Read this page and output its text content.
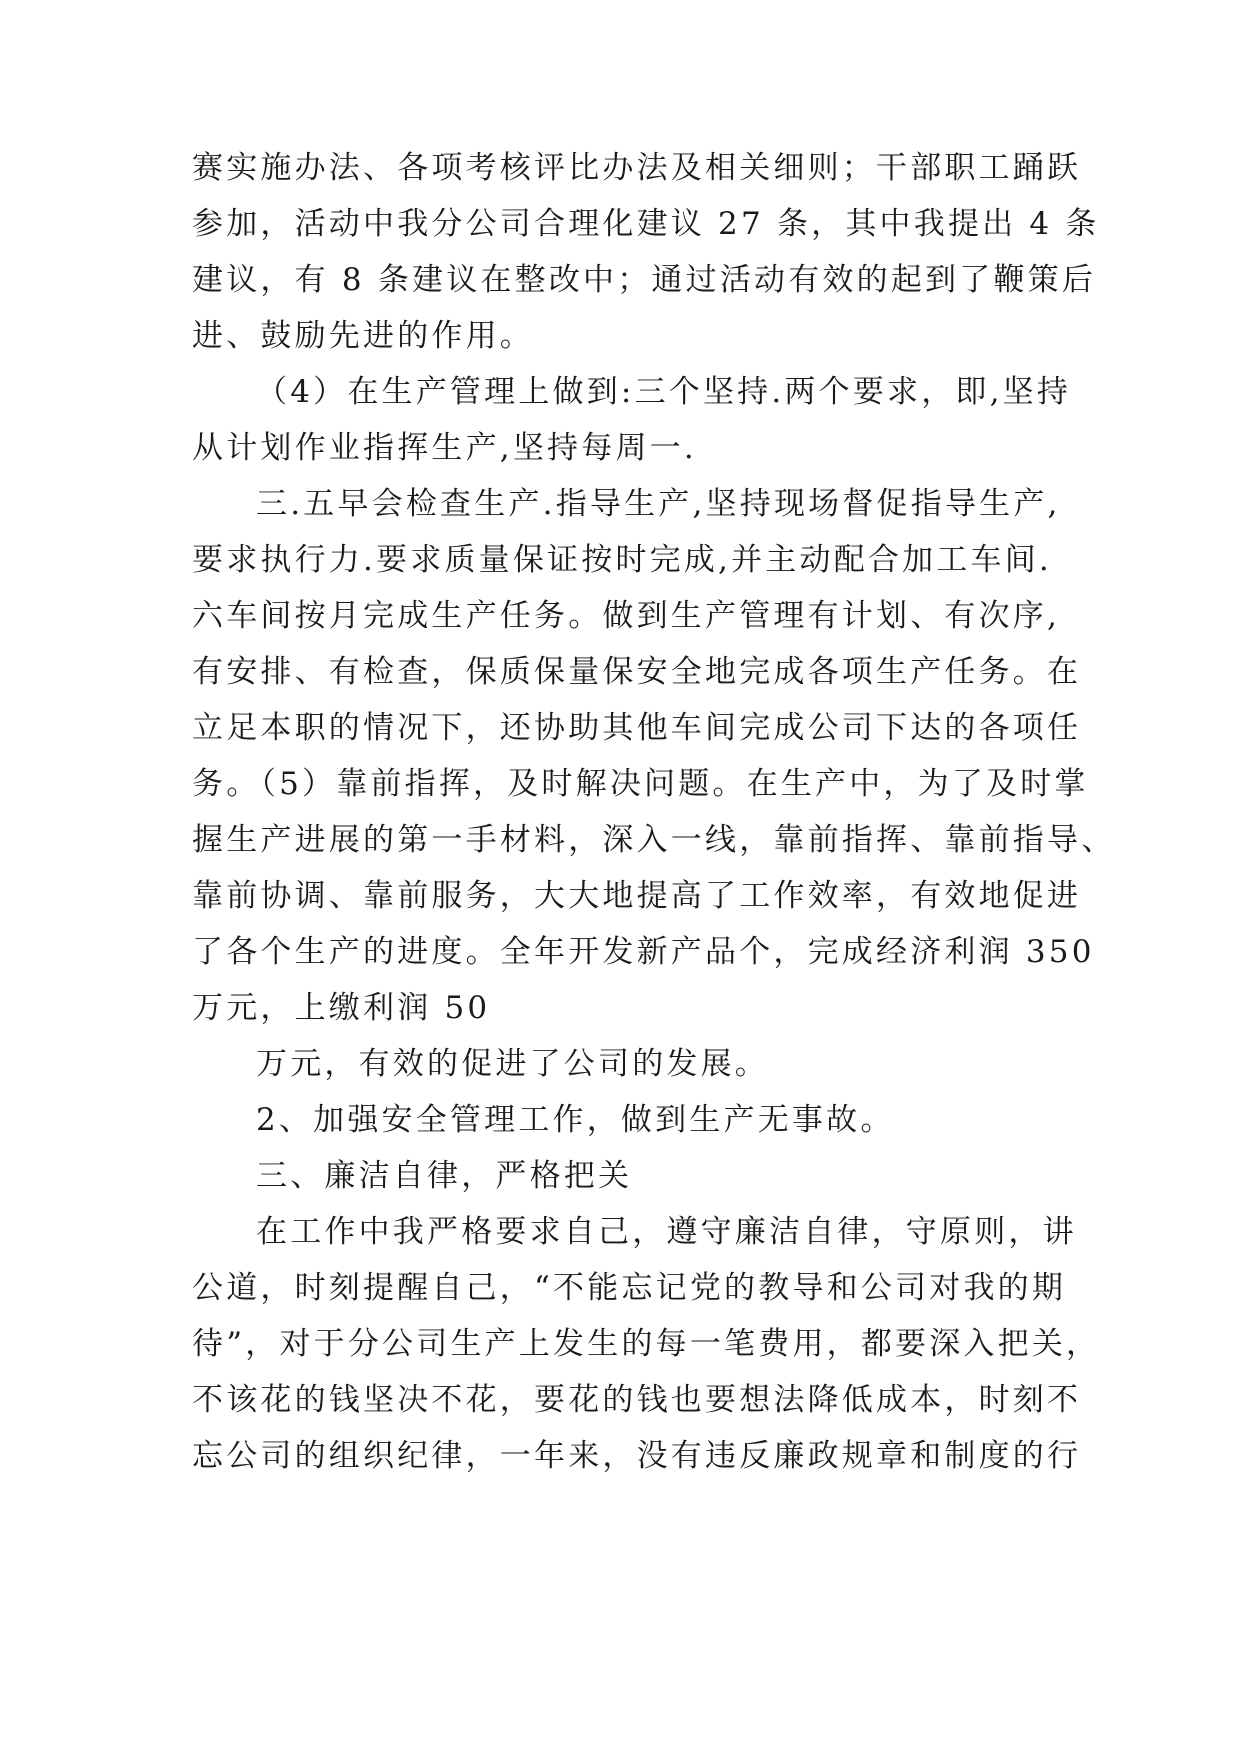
赛实施办法、各项考核评比办法及相关细则；干部职工踊跃
参加，活动中我分公司合理化建议 27 条，其中我提出 4 条
建议，有 8 条建议在整改中；通过活动有效的起到了鞭策后
进、鼓励先进的作用。
（4）在生产管理上做到:三个坚持.两个要求，即,坚持
从计划作业指挥生产,坚持每周一.
三.五早会检查生产.指导生产,坚持现场督促指导生产,
要求执行力.要求质量保证按时完成,并主动配合加工车间.
六车间按月完成生产任务。做到生产管理有计划、有次序,
有安排、有检查，保质保量保安全地完成各项生产任务。在
立足本职的情况下，还协助其他车间完成公司下达的各项任
务。（5）靠前指挥，及时解决问题。在生产中，为了及时掌
握生产进展的第一手材料，深入一线，靠前指挥、靠前指导、
靠前协调、靠前服务，大大地提高了工作效率，有效地促进
了各个生产的进度。全年开发新产品个，完成经济利润 350
万元，上缴利润 50
万元，有效的促进了公司的发展。
2、加强安全管理工作，做到生产无事故。
三、廉洁自律，严格把关
在工作中我严格要求自己，遵守廉洁自律，守原则，讲
公道，时刻提醒自己，“不能忘记党的教导和公司对我的期
待”，对于分公司生产上发生的每一笔费用，都要深入把关，
不该花的钱坚决不花，要花的钱也要想法降低成本，时刻不
忘公司的组织纪律，一年来，没有违反廉政规章和制度的行
